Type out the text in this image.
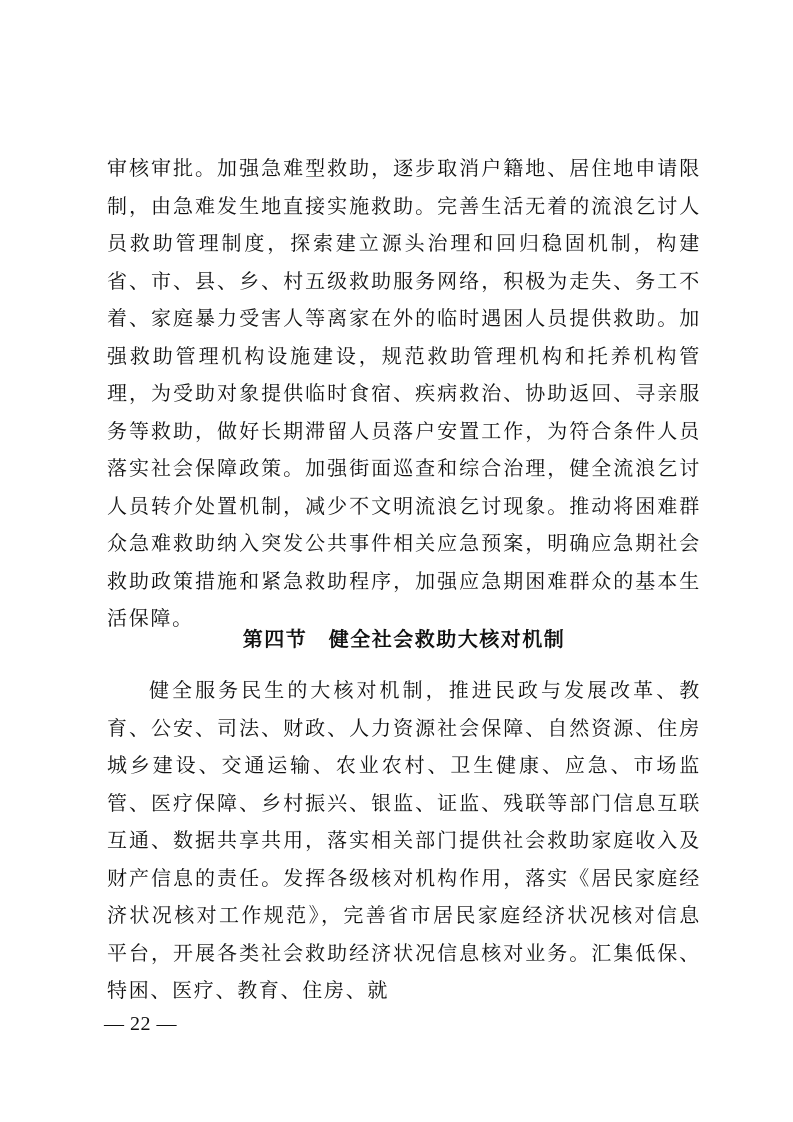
审核审批。加强急难型救助，逐步取消户籍地、居住地申请限制，由急难发生地直接实施救助。完善生活无着的流浪乞讨人员救助管理制度，探索建立源头治理和回归稳固机制，构建省、市、县、乡、村五级救助服务网络，积极为走失、务工不着、家庭暴力受害人等离家在外的临时遇困人员提供救助。加强救助管理机构设施建设，规范救助管理机构和托养机构管理，为受助对象提供临时食宿、疾病救治、协助返回、寻亲服务等救助，做好长期滞留人员落户安置工作，为符合条件人员落实社会保障政策。加强街面巡查和综合治理，健全流浪乞讨人员转介处置机制，减少不文明流浪乞讨现象。推动将困难群众急难救助纳入突发公共事件相关应急预案，明确应急期社会救助政策措施和紧急救助程序，加强应急期困难群众的基本生活保障。

第四节　健全社会救助大核对机制

健全服务民生的大核对机制，推进民政与发展改革、教育、公安、司法、财政、人力资源社会保障、自然资源、住房城乡建设、交通运输、农业农村、卫生健康、应急、市场监管、医疗保障、乡村振兴、银监、证监、残联等部门信息互联互通、数据共享共用，落实相关部门提供社会救助家庭收入及财产信息的责任。发挥各级核对机构作用，落实《居民家庭经济状况核对工作规范》，完善省市居民家庭经济状况核对信息平台，开展各类社会救助经济状况信息核对业务。汇集低保、特困、医疗、教育、住房、就

— 22 —
